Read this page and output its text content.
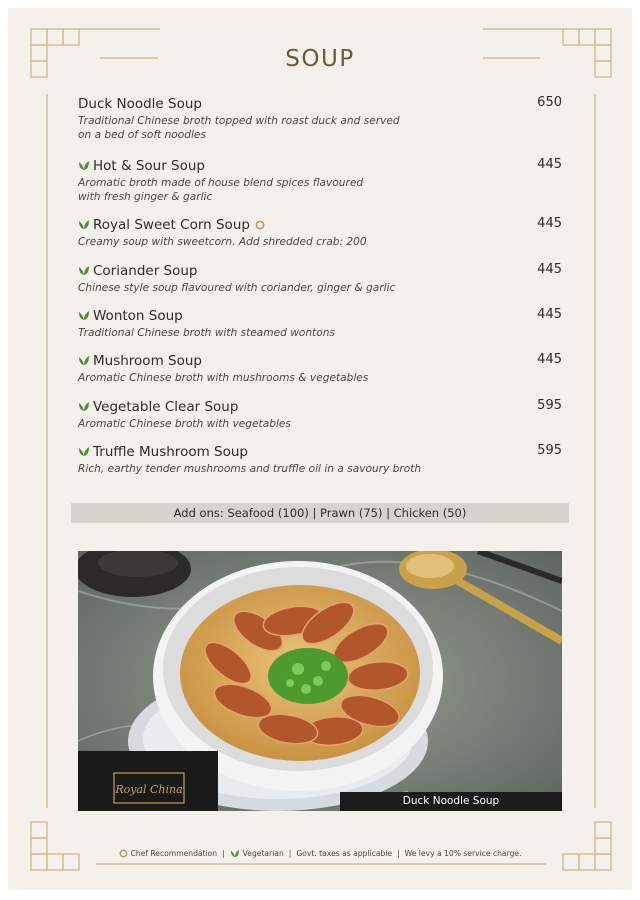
SOUP
Duck Noodle Soup	650
Traditional Chinese broth topped with roast duck and served
on a bed of soft noodles
Hot & Sour Soup	445
Aromatic broth made of house blend spices flavoured
with fresh ginger & garlic
Royal Sweet Corn Soup	445
Creamy soup with sweetcorn. Add shredded crab: 200
Coriander Soup	445
Chinese style soup flavoured with coriander, ginger & garlic
Wonton Soup	445
Traditional Chinese broth with steamed wontons
Mushroom Soup	445
Aromatic Chinese broth with mushrooms & vegetables
Vegetable Clear Soup	595
Aromatic Chinese broth with vegetables
Truffle Mushroom Soup	595
Rich, earthy tender mushrooms and truffle oil in a savoury broth
Add ons: Seafood (100) | Prawn (75) | Chicken (50)
Royal China
Duck Noodle Soup
Chef Recommendation | Vegetarian | Govt. taxes as applicable | We levy a 10% service charge.
